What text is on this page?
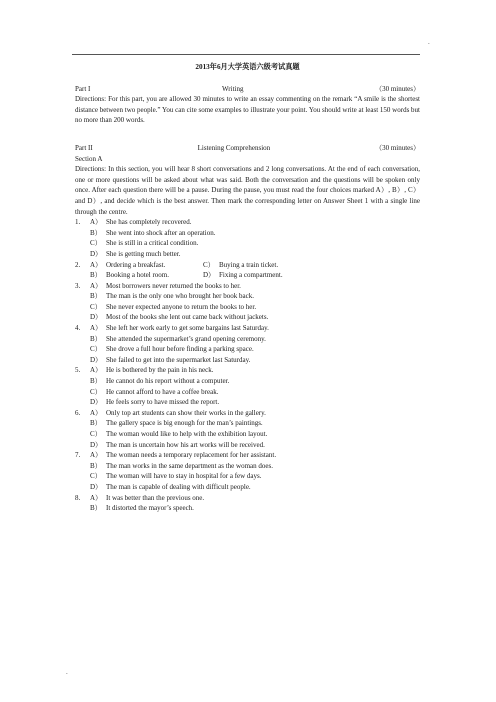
.
2013年6月大学英语六级考试真题
Part I	Writing	（30 minutes）
Directions: For this part, you are allowed 30 minutes to write an essay commenting on the remark “A smile is the shortest distance between two people.” You can cite some examples to illustrate your point. You should write at least 150 words but no more than 200 words.
Part II	Listening Comprehension	（30 minutes）
Section A
Directions: In this section, you will hear 8 short conversations and 2 long conversations. At the end of each conversation, one or more questions will be asked about what was said. Both the conversation and the questions will be spoken only once. After each question there will be a pause. During the pause, you must read the four choices marked A）, B）, C） and D）, and decide which is the best answer. Then mark the corresponding letter on Answer Sheet 1 with a single line through the centre.
1.	A） She has completely recovered.
B） She went into shock after an operation.
C） She is still in a critical condition.
D） She is getting much better.
2.	A） Ordering a breakfast.	C） Buying a train ticket.
B） Booking a hotel room.	D） Fixing a compartment.
3.	A） Most borrowers never returned the books to her.
B） The man is the only one who brought her book back.
C） She never expected anyone to return the books to her.
D） Most of the books she lent out came back without jackets.
4.	A） She left her work early to get some bargains last Saturday.
B） She attended the supermarket’s grand opening ceremony.
C） She drove a full hour before finding a parking space.
D） She failed to get into the supermarket last Saturday.
5.	A） He is bothered by the pain in his neck.
B） He cannot do his report without a computer.
C） He cannot afford to have a coffee break.
D） He feels sorry to have missed the report.
6.	A） Only top art students can show their works in the gallery.
B） The gallery space is big enough for the man’s paintings.
C） The woman would like to help with the exhibition layout.
D） The man is uncertain how his art works will be received.
7.	A） The woman needs a temporary replacement for her assistant.
B） The man works in the same department as the woman does.
C） The woman will have to stay in hospital for a few days.
D） The man is capable of dealing with difficult people.
8.	A） It was better than the previous one.
B） It distorted the mayor’s speech.
.
